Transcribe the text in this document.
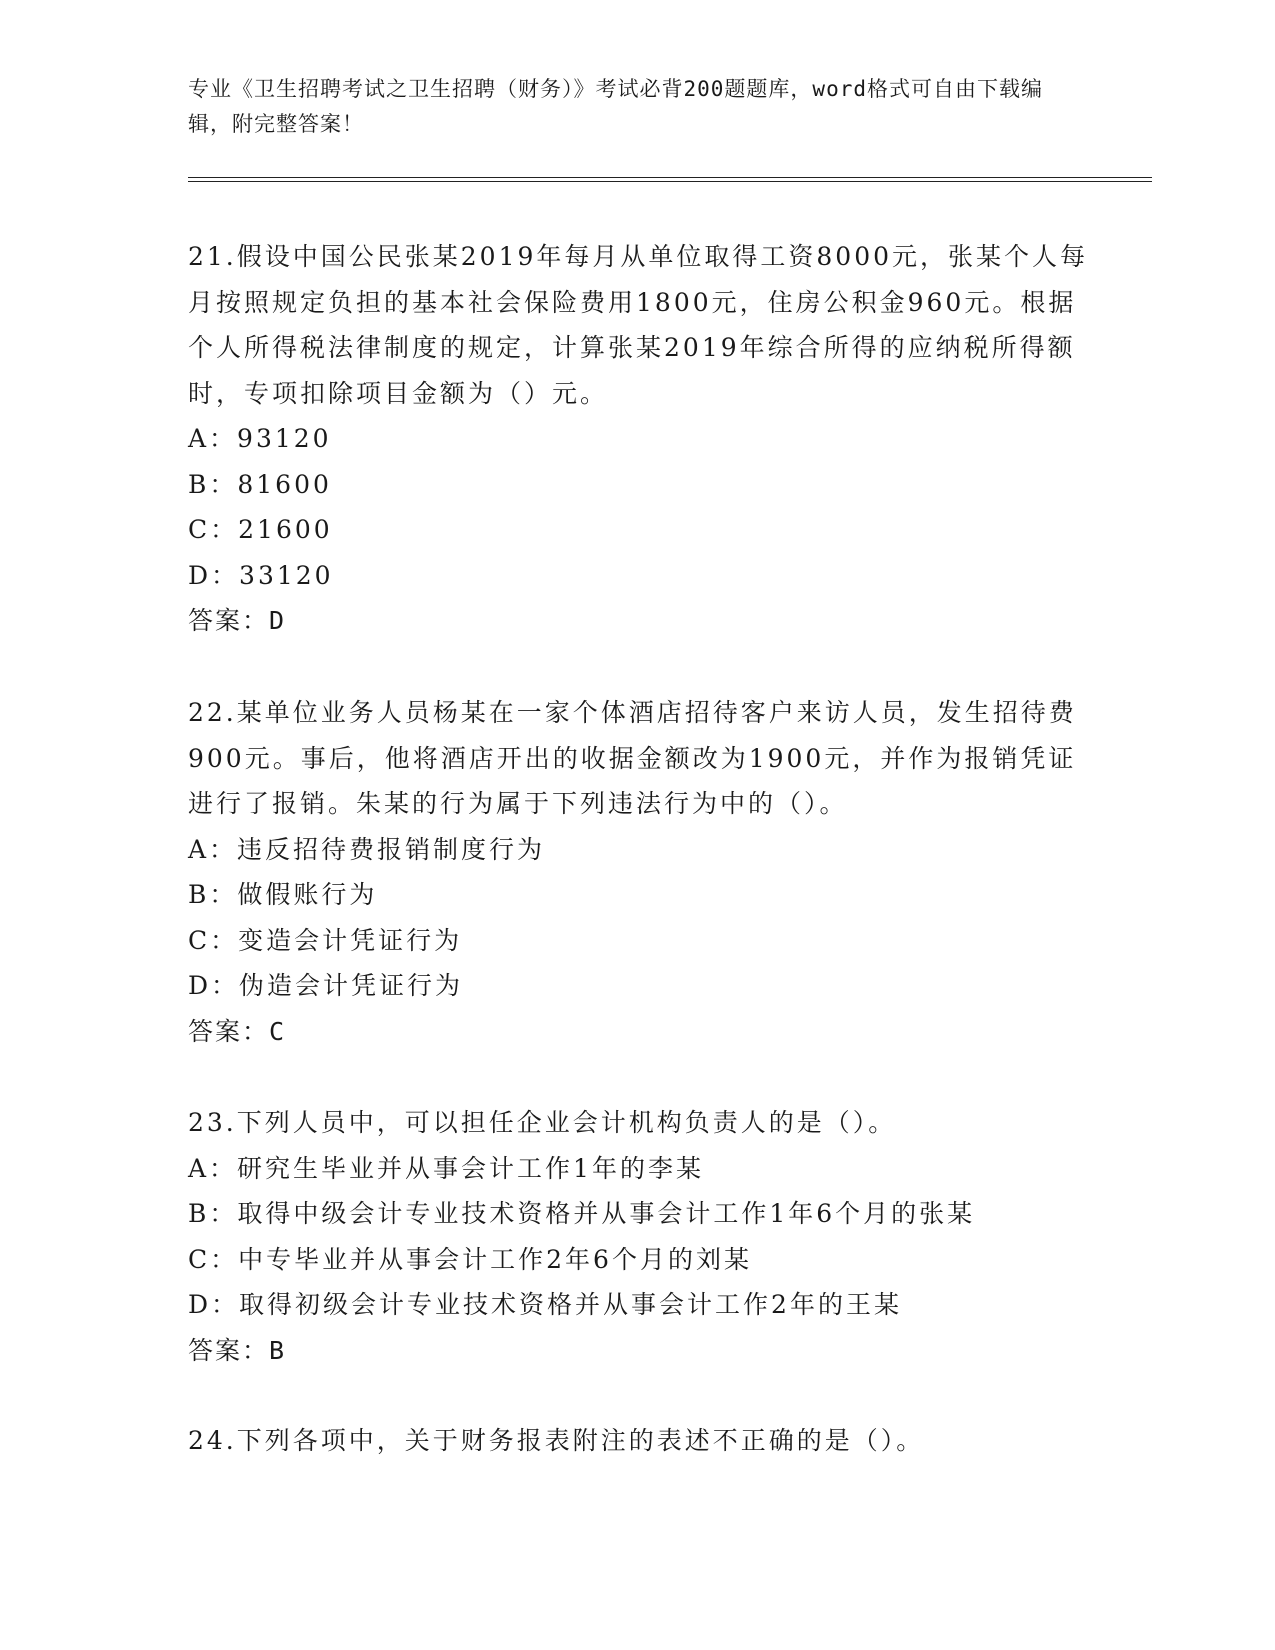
专业《卫生招聘考试之卫生招聘（财务）》考试必背200题题库，word格式可自由下载编辑，附完整答案！
21.假设中国公民张某2019年每月从单位取得工资8000元，张某个人每月按照规定负担的基本社会保险费用1800元，住房公积金960元。根据个人所得税法律制度的规定，计算张某2019年综合所得的应纳税所得额时，专项扣除项目金额为（）元。
A：93120
B：81600
C：21600
D：33120
答案：D
22.某单位业务人员杨某在一家个体酒店招待客户来访人员，发生招待费900元。事后，他将酒店开出的收据金额改为1900元，并作为报销凭证进行了报销。朱某的行为属于下列违法行为中的（）。
A：违反招待费报销制度行为
B：做假账行为
C：变造会计凭证行为
D：伪造会计凭证行为
答案：C
23.下列人员中，可以担任企业会计机构负责人的是（）。
A：研究生毕业并从事会计工作1年的李某
B：取得中级会计专业技术资格并从事会计工作1年6个月的张某
C：中专毕业并从事会计工作2年6个月的刘某
D：取得初级会计专业技术资格并从事会计工作2年的王某
答案：B
24.下列各项中，关于财务报表附注的表述不正确的是（）。
